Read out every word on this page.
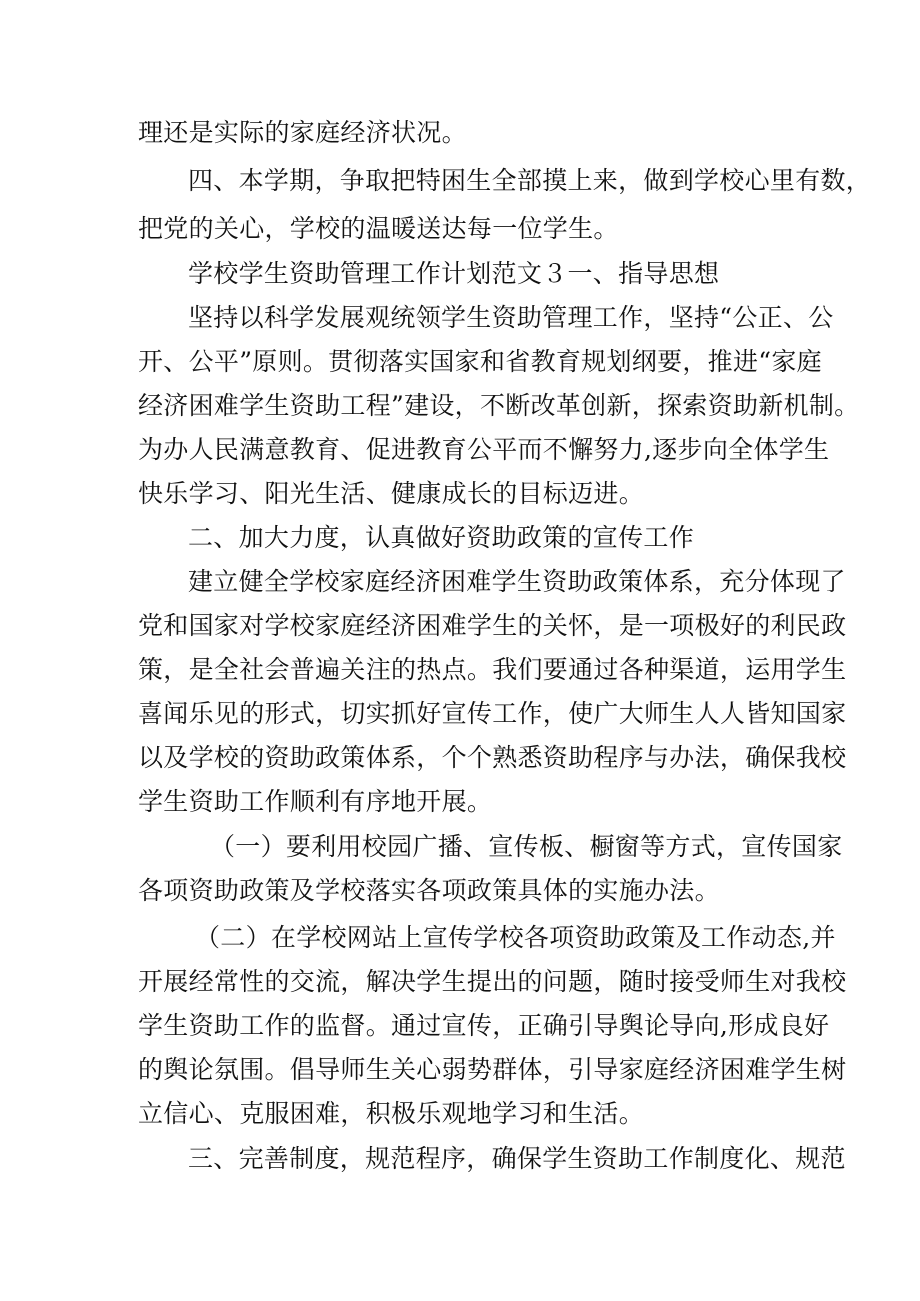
理还是实际的家庭经济状况。
四、本学期，争取把特困生全部摸上来，做到学校心里有数，
把党的关心，学校的温暖送达每一位学生。
学校学生资助管理工作计划范文３一、指导思想
坚持以科学发展观统领学生资助管理工作，坚持“公正、公
开、公平”原则。贯彻落实国家和省教育规划纲要，推进“家庭
经济困难学生资助工程”建设，不断改革创新，探索资助新机制。
为办人民满意教育、促进教育公平而不懈努力,逐步向全体学生
快乐学习、阳光生活、健康成长的目标迈进。
二、加大力度，认真做好资助政策的宣传工作
建立健全学校家庭经济困难学生资助政策体系，充分体现了
党和国家对学校家庭经济困难学生的关怀，是一项极好的利民政
策，是全社会普遍关注的热点。我们要通过各种渠道，运用学生
喜闻乐见的形式，切实抓好宣传工作，使广大师生人人皆知国家
以及学校的资助政策体系，个个熟悉资助程序与办法，确保我校
学生资助工作顺利有序地开展。
（一）要利用校园广播、宣传板、橱窗等方式，宣传国家
各项资助政策及学校落实各项政策具体的实施办法。
（二）在学校网站上宣传学校各项资助政策及工作动态,并
开展经常性的交流，解决学生提出的问题，随时接受师生对我校
学生资助工作的监督。通过宣传，正确引导舆论导向,形成良好
的舆论氛围。倡导师生关心弱势群体，引导家庭经济困难学生树
立信心、克服困难，积极乐观地学习和生活。
三、完善制度，规范程序，确保学生资助工作制度化、规范
